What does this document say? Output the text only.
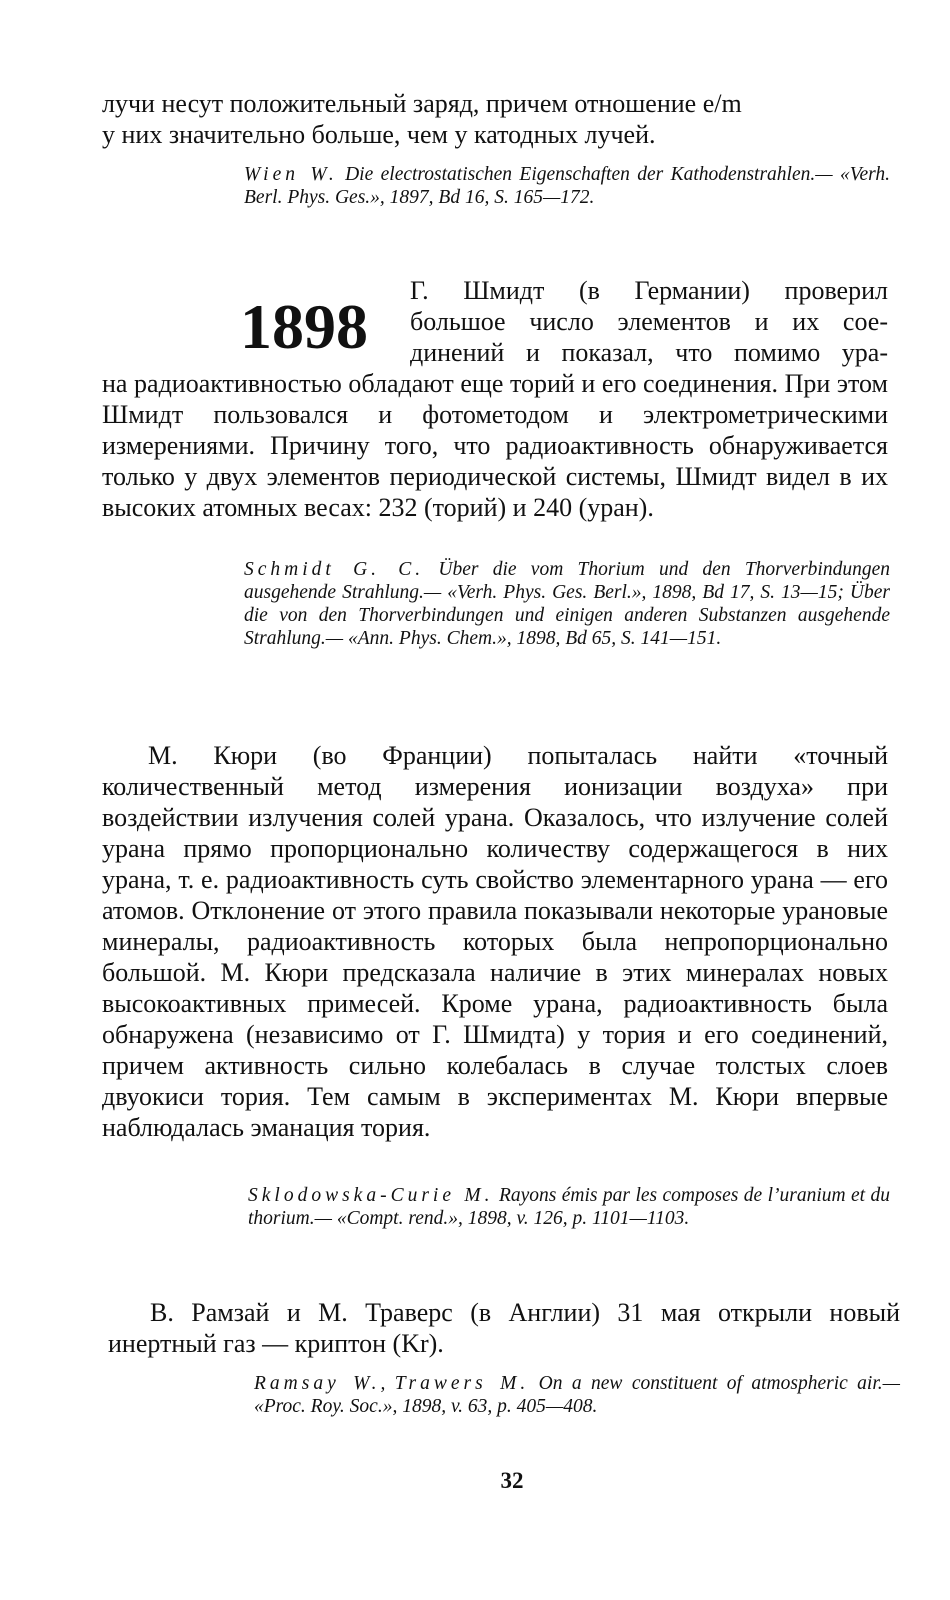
лучи несут положительный заряд, причем отношение e/m
у них значительно больше, чем у катодных лучей.

Wien W. Die electrostatischen Eigenschaften der Kathodenstrahlen.— «Verh. Berl. Phys. Ges.», 1897, Bd 16, S. 165—172.

1898
Г. Шмидт (в Германии) проверил
большое число элементов и их сое-
динений и показал, что помимо ура-

на радиоактивностью обладают еще торий и его соединения. При этом Шмидт пользовался и фотометодом и электрометрическими измерениями. Причину того, что радиоактивность обнаруживается только у двух элементов периодической системы, Шмидт видел в их высоких атомных весах: 232 (торий) и 240 (уран).

Schmidt G. C. Über die vom Thorium und den Thorverbindungen ausgehende Strahlung.— «Verh. Phys. Ges. Berl.», 1898, Bd 17, S. 13—15; Über die von den Thorverbindungen und einigen anderen Substanzen ausgehende Strahlung.— «Ann. Phys. Chem.», 1898, Bd 65, S. 141—151.

М. Кюри (во Франции) попыталась найти «точный количественный метод измерения ионизации воздуха» при воздействии излучения солей урана. Оказалось, что излучение солей урана прямо пропорционально количеству содержащегося в них урана, т. е. радиоактивность суть свойство элементарного урана — его атомов. Отклонение от этого правила показывали некоторые урановые минералы, радиоактивность которых была непропорционально большой. М. Кюри предсказала наличие в этих минералах новых высокоактивных примесей. Кроме урана, радиоактивность была обнаружена (независимо от Г. Шмидта) у тория и его соединений, причем активность сильно колебалась в случае толстых слоев двуокиси тория. Тем самым в экспериментах М. Кюри впервые наблюдалась эманация тория.

Sklodowska-Curie M. Rayons émis par les composes de l’uranium et du thorium.— «Compt. rend.», 1898, v. 126, p. 1101—1103.

В. Рамзай и М. Траверс (в Англии) 31 мая открыли новый инертный газ — криптон (Kr).

Ramsay W., Trawers M. On a new constituent of atmospheric air.— «Proc. Roy. Soc.», 1898, v. 63, p. 405—408.

32
